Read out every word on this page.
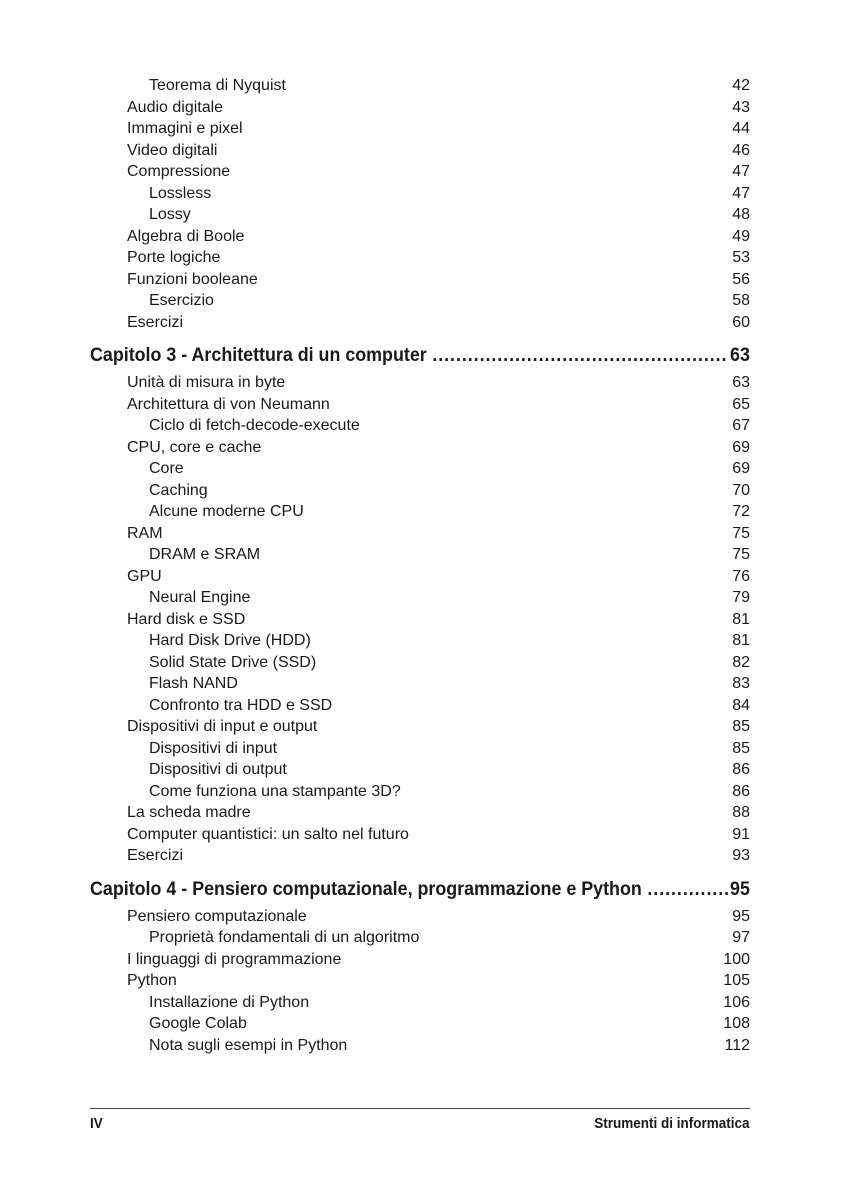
Teorema di Nyquist	42
Audio digitale	43
Immagini e pixel	44
Video digitali	46
Compressione	47
Lossless	47
Lossy	48
Algebra di Boole	49
Porte logiche	53
Funzioni booleane	56
Esercizio	58
Esercizi	60
Capitolo 3 - Architettura di un computer .....	63
Unità di misura in byte	63
Architettura di von Neumann	65
Ciclo di fetch-decode-execute	67
CPU, core e cache	69
Core	69
Caching	70
Alcune moderne CPU	72
RAM	75
DRAM e SRAM	75
GPU	76
Neural Engine	79
Hard disk e SSD	81
Hard Disk Drive (HDD)	81
Solid State Drive (SSD)	82
Flash NAND	83
Confronto tra HDD e SSD	84
Dispositivi di input e output	85
Dispositivi di input	85
Dispositivi di output	86
Come funziona una stampante 3D?	86
La scheda madre	88
Computer quantistici: un salto nel futuro	91
Esercizi	93
Capitolo 4 - Pensiero computazionale, programmazione e Python .....	95
Pensiero computazionale	95
Proprietà fondamentali di un algoritmo	97
I linguaggi di programmazione	100
Python	105
Installazione di Python	106
Google Colab	108
Nota sugli esempi in Python	112
IV	Strumenti di informatica
